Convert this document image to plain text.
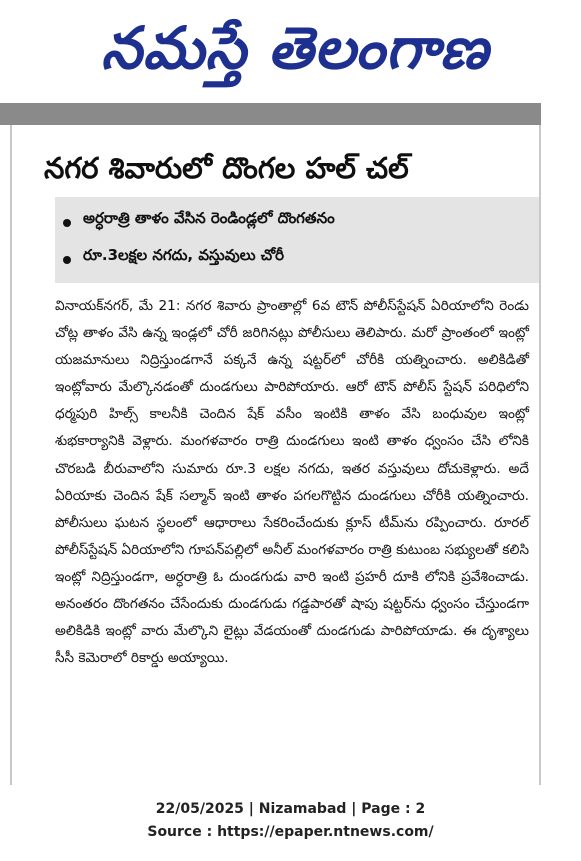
నమస్తే తెలంగాణ
నగర శివారులో దొంగల హల్ చల్
అర్ధరాత్రి తాళం వేసిన రెండిండ్లలో దొంగతనం
రూ.3లక్షల నగదు, వస్తువులు చోరీ
వినాయక్‌నగర్, మే 21: నగర శివారు ప్రాంతాల్లో 6వ టౌన్ పోలీస్‌స్టేషన్ ఏరియాలోని రెండు చోట్ల తాళం వేసి ఉన్న ఇండ్లలో చోరీ జరిగినట్లు పోలీసులు తెలిపారు. మరో ప్రాంతంలో ఇంట్లో యజమానులు నిద్రిస్తుండగానే పక్కనే ఉన్న షట్టర్‌లో చోరీకి యత్నించారు. అలికిడితో ఇంట్లోవారు మేల్కొనడంతో దుండగులు పారిపోయారు. ఆరో టౌన్ పోలీస్ స్టేషన్ పరిధిలోని ధర్మపురి హిల్స్ కాలనీకి చెందిన షేక్ వసీం ఇంటికి తాళం వేసి బంధువుల ఇంట్లో శుభకార్యానికి వెళ్లారు. మంగళవారం రాత్రి దుండగులు ఇంటి తాళం ధ్వంసం చేసి లోనికి చొరబడి బీరువాలోని సుమారు రూ.3 లక్షల నగదు, ఇతర వస్తువులు దోచుకెళ్లారు. అదే ఏరియాకు చెందిన షేక్ సల్మాన్ ఇంటి తాళం పగలగొట్టిన దుండగులు చోరీకి యత్నించారు. పోలీసులు ఘటన స్థలంలో ఆధారాలు సేకరించేందుకు క్లూస్ టీమ్‌ను రప్పించారు. రూరల్ పోలీస్‌స్టేషన్ ఏరియాలోని గూపన్‌పల్లిలో అనీల్ మంగళవారం రాత్రి కుటుంబ సభ్యులతో కలిసి ఇంట్లో నిద్రిస్తుండగా, అర్ధరాత్రి ఓ దుండగుడు వారి ఇంటి ప్రహరీ దూకి లోనికి ప్రవేశించాడు. అనంతరం దొంగతనం చేసేందుకు దుండగుడు గడ్డపారతో షాపు షట్టర్‌ను ధ్వంసం చేస్తుండగా అలికిడికి ఇంట్లో వారు మేల్కొని లైట్లు వేడయంతో దుండగుడు పారిపోయాడు. ఈ దృశ్యాలు సీసీ కెమెరాలో రికార్డు అయ్యాయి.
22/05/2025 | Nizamabad | Page : 2
Source : https://epaper.ntnews.com/
